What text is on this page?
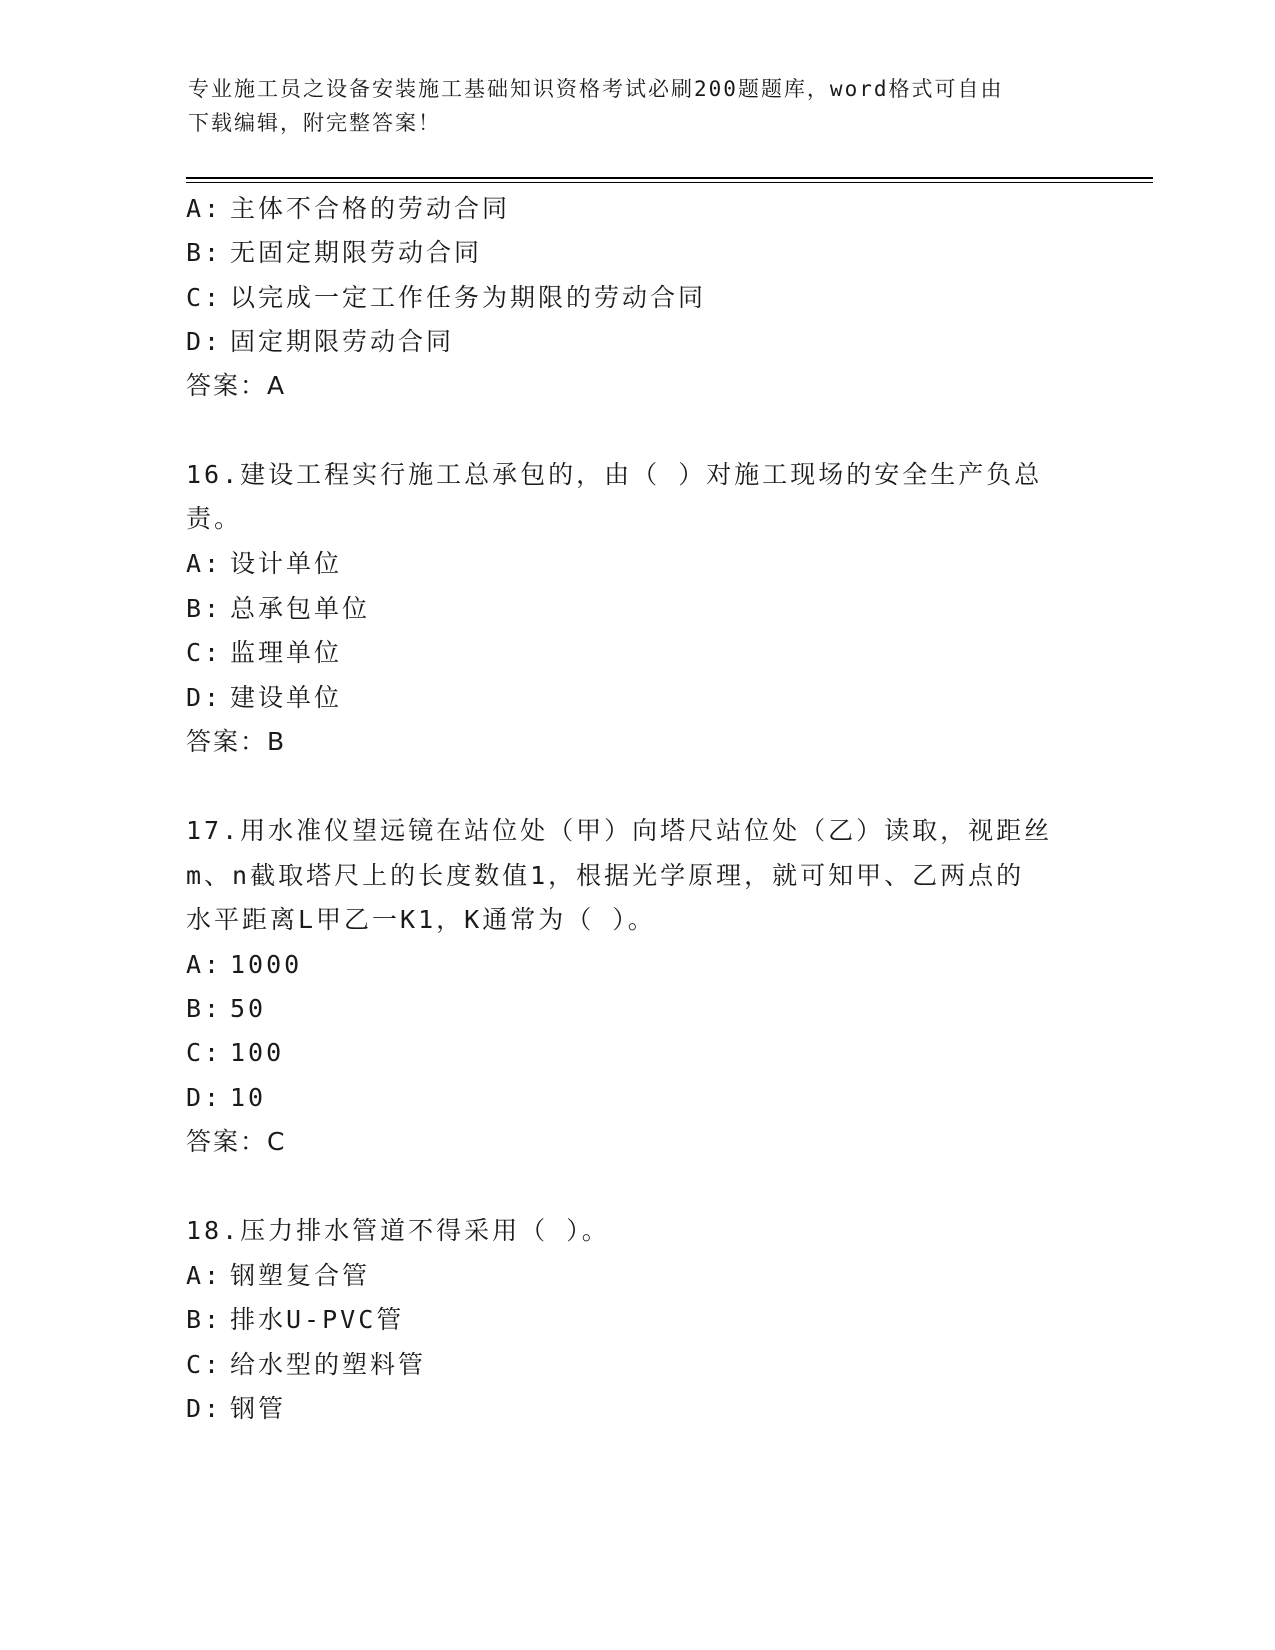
专业施工员之设备安装施工基础知识资格考试必刷200题题库，word格式可自由
下载编辑，附完整答案！
A: 主体不合格的劳动合同
B: 无固定期限劳动合同
C: 以完成一定工作任务为期限的劳动合同
D: 固定期限劳动合同
答案：A
16.建设工程实行施工总承包的，由（ ）对施工现场的安全生产负总
责。
A: 设计单位
B: 总承包单位
C: 监理单位
D: 建设单位
答案：B
17.用水准仪望远镜在站位处（甲）向塔尺站位处（乙）读取，视距丝
m、n截取塔尺上的长度数值1，根据光学原理，就可知甲、乙两点的
水平距离L甲乙一K1，K通常为（ ）。
A: 1000
B: 50
C: 100
D: 10
答案：C
18.压力排水管道不得采用（ ）。
A: 钢塑复合管
B: 排水U-PVC管
C: 给水型的塑料管
D: 钢管
